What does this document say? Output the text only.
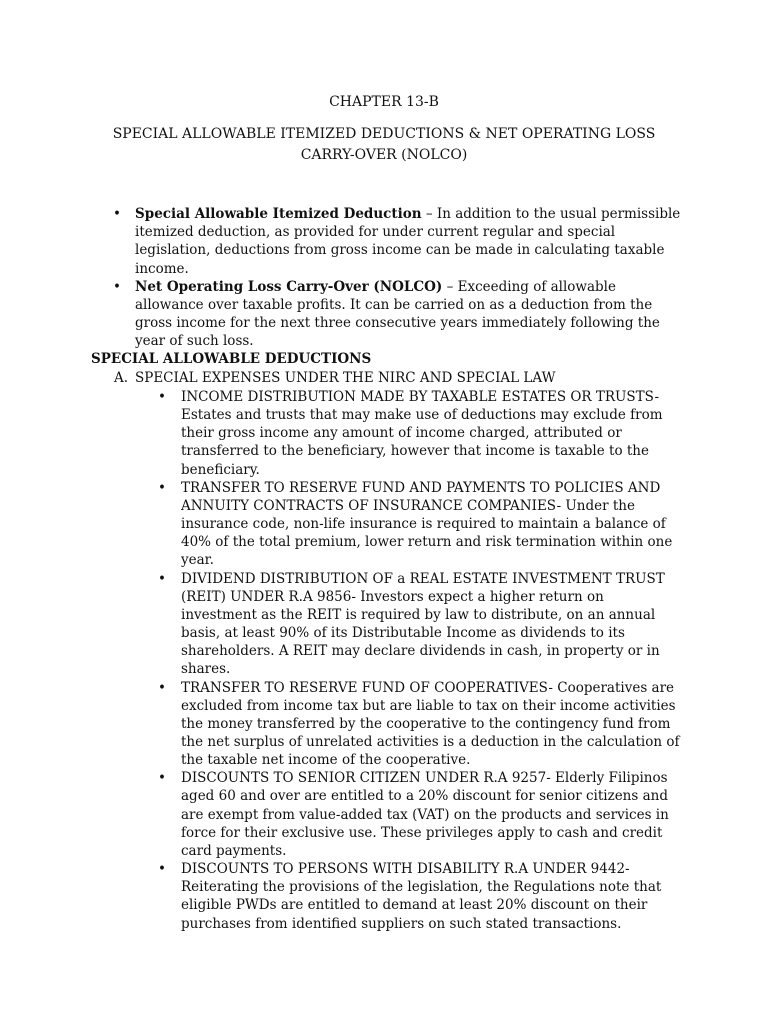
CHAPTER 13-B
SPECIAL ALLOWABLE ITEMIZED DEDUCTIONS & NET OPERATING LOSS CARRY-OVER (NOLCO)
• Special Allowable Itemized Deduction – In addition to the usual permissible itemized deduction, as provided for under current regular and special legislation, deductions from gross income can be made in calculating taxable income.
• Net Operating Loss Carry-Over (NOLCO) – Exceeding of allowable allowance over taxable profits. It can be carried on as a deduction from the gross income for the next three consecutive years immediately following the year of such loss.
SPECIAL ALLOWABLE DEDUCTIONS
A. SPECIAL EXPENSES UNDER THE NIRC AND SPECIAL LAW
• INCOME DISTRIBUTION MADE BY TAXABLE ESTATES OR TRUSTS- Estates and trusts that may make use of deductions may exclude from their gross income any amount of income charged, attributed or transferred to the beneficiary, however that income is taxable to the beneficiary.
• TRANSFER TO RESERVE FUND AND PAYMENTS TO POLICIES AND ANNUITY CONTRACTS OF INSURANCE COMPANIES- Under the insurance code, non-life insurance is required to maintain a balance of 40% of the total premium, lower return and risk termination within one year.
• DIVIDEND DISTRIBUTION OF a REAL ESTATE INVESTMENT TRUST (REIT) UNDER R.A 9856- Investors expect a higher return on investment as the REIT is required by law to distribute, on an annual basis, at least 90% of its Distributable Income as dividends to its shareholders. A REIT may declare dividends in cash, in property or in shares.
• TRANSFER TO RESERVE FUND OF COOPERATIVES- Cooperatives are excluded from income tax but are liable to tax on their income activities the money transferred by the cooperative to the contingency fund from the net surplus of unrelated activities is a deduction in the calculation of the taxable net income of the cooperative.
• DISCOUNTS TO SENIOR CITIZEN UNDER R.A 9257- Elderly Filipinos aged 60 and over are entitled to a 20% discount for senior citizens and are exempt from value-added tax (VAT) on the products and services in force for their exclusive use. These privileges apply to cash and credit card payments.
• DISCOUNTS TO PERSONS WITH DISABILITY R.A UNDER 9442- Reiterating the provisions of the legislation, the Regulations note that eligible PWDs are entitled to demand at least 20% discount on their purchases from identified suppliers on such stated transactions.
